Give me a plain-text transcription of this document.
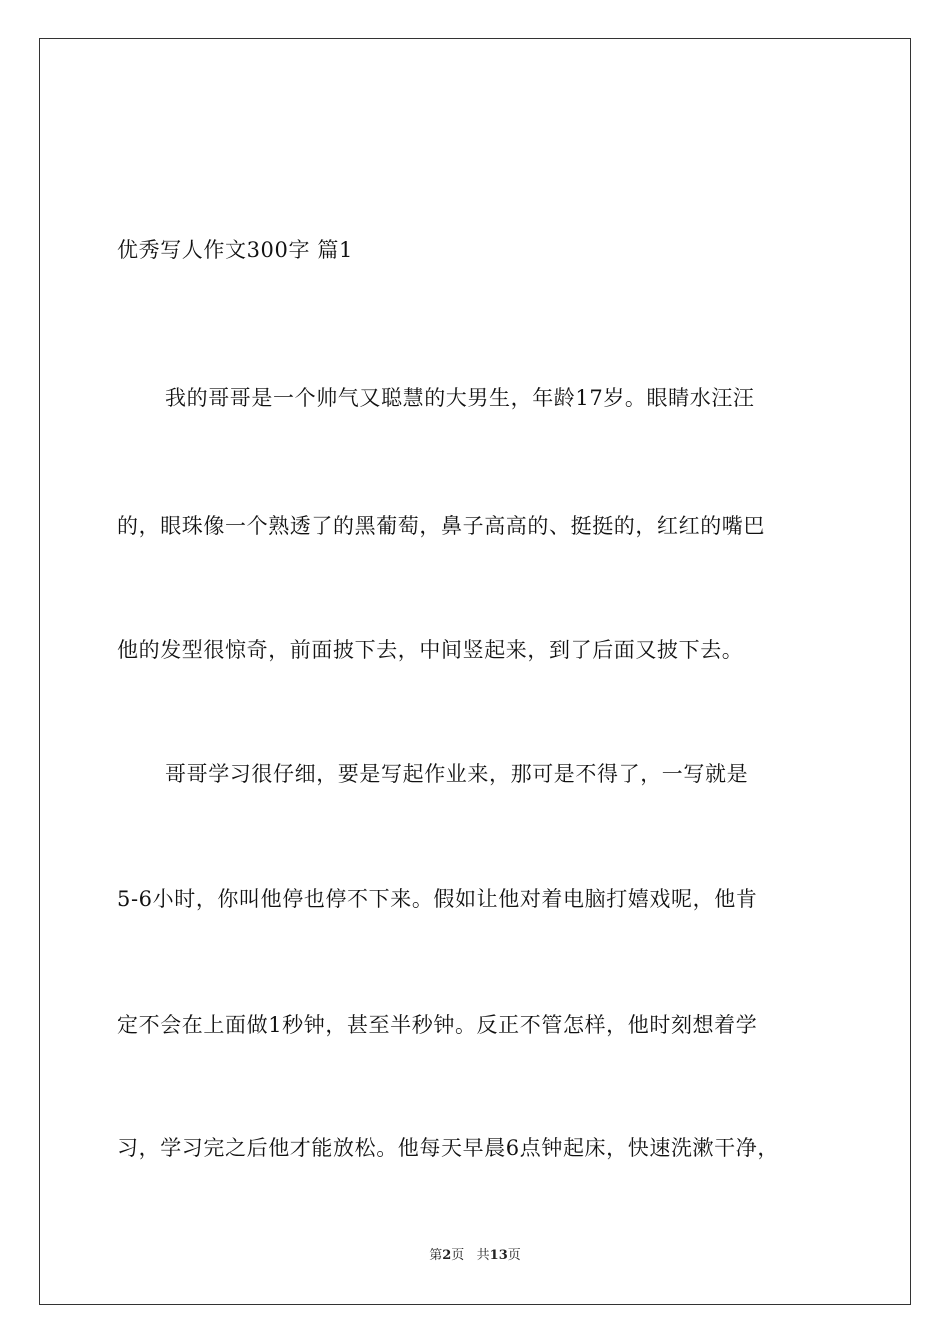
优秀写人作文300字 篇1
我的哥哥是一个帅气又聪慧的大男生，年龄17岁。眼睛水汪汪
的，眼珠像一个熟透了的黑葡萄，鼻子高高的、挺挺的，红红的嘴巴
他的发型很惊奇，前面披下去，中间竖起来，到了后面又披下去。
哥哥学习很仔细，要是写起作业来，那可是不得了，一写就是
5-6小时，你叫他停也停不下来。假如让他对着电脑打嬉戏呢，他肯
定不会在上面做1秒钟，甚至半秒钟。反正不管怎样，他时刻想着学
习，学习完之后他才能放松。他每天早晨6点钟起床，快速洗漱干净，
第2页   共13页
